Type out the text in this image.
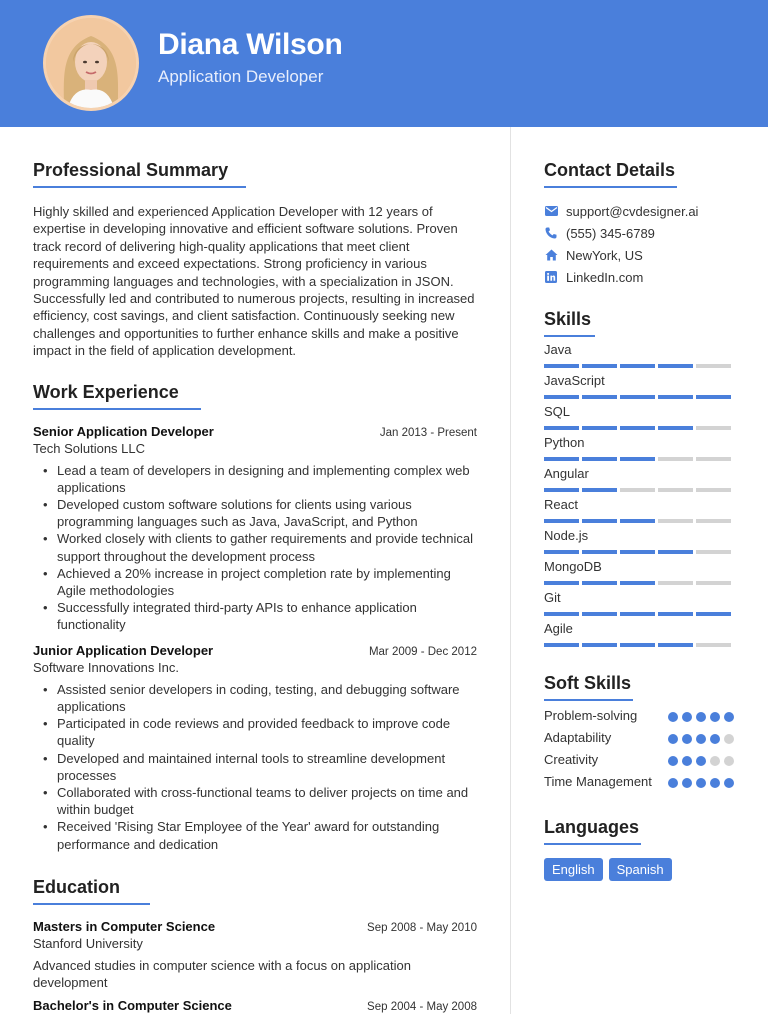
Diana Wilson
Application Developer
Professional Summary
Highly skilled and experienced Application Developer with 12 years of expertise in developing innovative and efficient software solutions. Proven track record of delivering high-quality applications that meet client requirements and exceed expectations. Strong proficiency in various programming languages and technologies, with a specialization in JSON. Successfully led and contributed to numerous projects, resulting in increased efficiency, cost savings, and client satisfaction. Continuously seeking new challenges and opportunities to further enhance skills and make a positive impact in the field of application development.
Work Experience
Senior Application Developer	Jan 2013 - Present
Tech Solutions LLC
• Lead a team of developers in designing and implementing complex web applications
• Developed custom software solutions for clients using various programming languages such as Java, JavaScript, and Python
• Worked closely with clients to gather requirements and provide technical support throughout the development process
• Achieved a 20% increase in project completion rate by implementing Agile methodologies
• Successfully integrated third-party APIs to enhance application functionality
Junior Application Developer	Mar 2009 - Dec 2012
Software Innovations Inc.
• Assisted senior developers in coding, testing, and debugging software applications
• Participated in code reviews and provided feedback to improve code quality
• Developed and maintained internal tools to streamline development processes
• Collaborated with cross-functional teams to deliver projects on time and within budget
• Received 'Rising Star Employee of the Year' award for outstanding performance and dedication
Education
Masters in Computer Science	Sep 2008 - May 2010
Stanford University
Advanced studies in computer science with a focus on application development
Bachelor's in Computer Science	Sep 2004 - May 2008
Contact Details
support@cvdesigner.ai
(555) 345-6789
NewYork, US
LinkedIn.com
Skills
Java
JavaScript
SQL
Python
Angular
React
Node.js
MongoDB
Git
Agile
Soft Skills
Problem-solving
Adaptability
Creativity
Time Management
Languages
English	Spanish
